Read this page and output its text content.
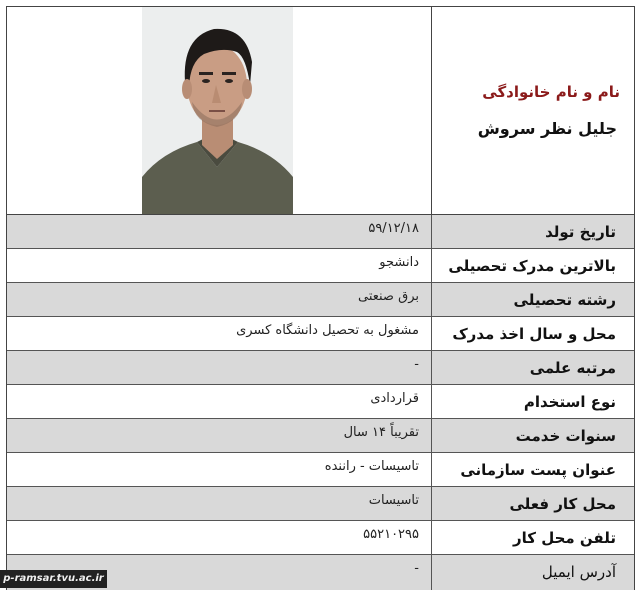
نام و نام خانوادگی
جلیل نظر سروش
تاریخ تولد
۵۹/۱۲/۱۸
بالاترین مدرک تحصیلی
دانشجو
رشته تحصیلی
برق صنعتی
محل و سال اخذ مدرک
مشغول به تحصیل دانشگاه کسری
مرتبه علمی
-
نوع استخدام
قراردادی
سنوات خدمت
تقریباً ۱۴ سال
عنوان پست سازمانی
تاسیسات - راننده
محل کار فعلی
تاسیسات
تلفن محل کار
۵۵۲۱۰۲۹۵
آدرس ایمیل
-
p-ramsar.tvu.ac.ir
